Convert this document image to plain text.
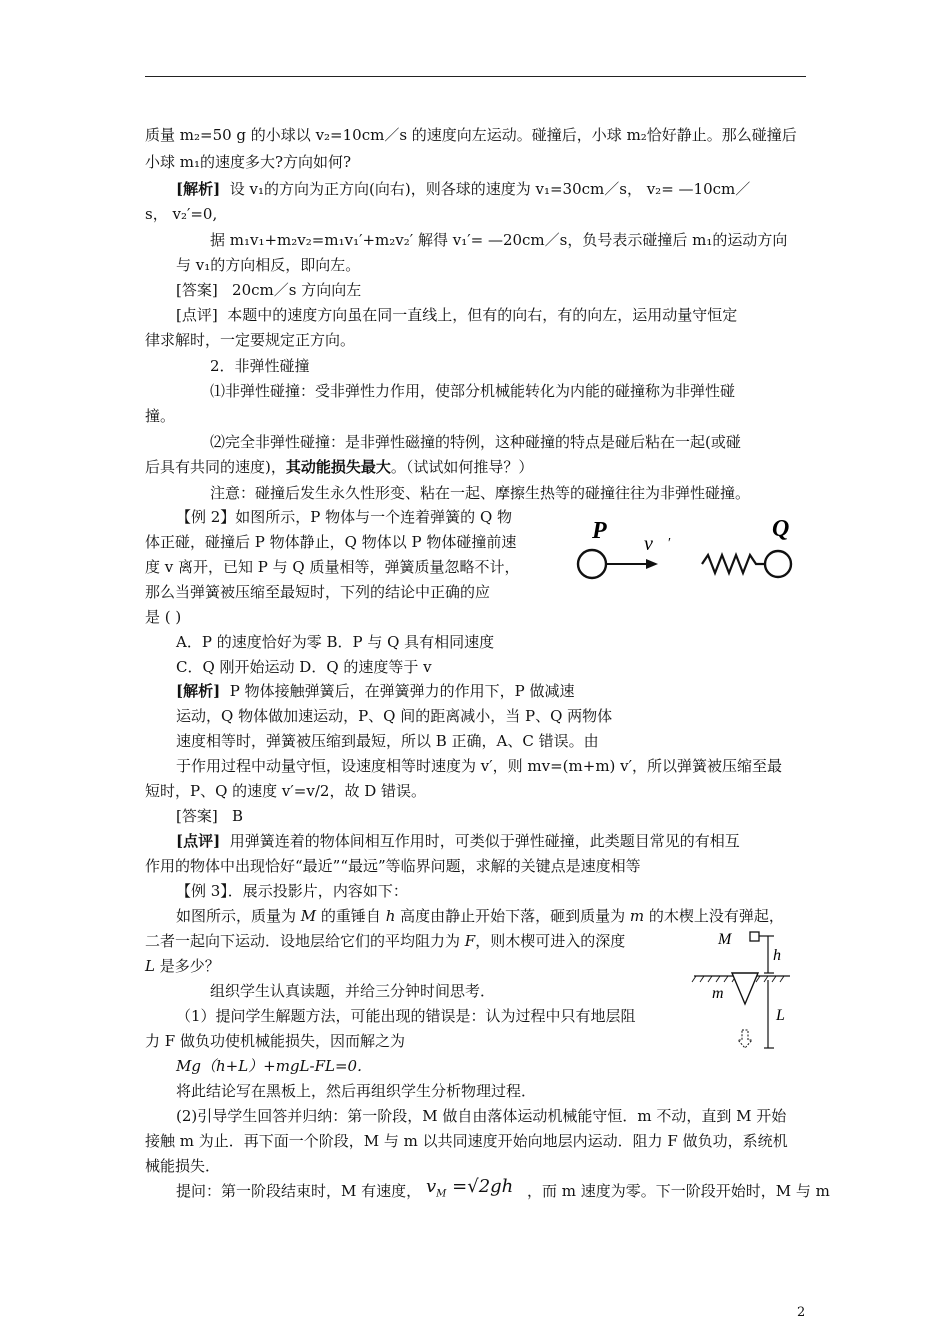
质量 m₂=50 g 的小球以 v₂=10cm／s 的速度向左运动。碰撞后，小球 m₂恰好静止。那么碰撞后
小球 m₁的速度多大?方向如何?
[解析] 设 v₁的方向为正方向(向右)，则各球的速度为 v₁=30cm／s， v₂= —10cm／
s， v₂′=0,
据 m₁v₁+m₂v₂=m₁v₁′+m₂v₂′ 解得 v₁′= —20cm／s，负号表示碰撞后 m₁的运动方向
与 v₁的方向相反，即向左。
[答案] 20cm／s 方向向左
[点评] 本题中的速度方向虽在同一直线上，但有的向右，有的向左，运用动量守恒定
律求解时，一定要规定正方向。
2．非弹性碰撞
⑴非弹性碰撞：受非弹性力作用，使部分机械能转化为内能的碰撞称为非弹性碰
撞。
⑵完全非弹性碰撞：是非弹性磁撞的特例，这种碰撞的特点是碰后粘在一起(或碰
后具有共同的速度)，其动能损失最大。（试试如何推导？）
注意：碰撞后发生永久性形变、粘在一起、摩擦生热等的碰撞往往为非弹性碰撞。
【例 2】如图所示，P 物体与一个连着弹簧的 Q 物
体正碰，碰撞后 P 物体静止，Q 物体以 P 物体碰撞前速
度 v 离开，已知 P 与 Q 质量相等，弹簧质量忽略不计，
那么当弹簧被压缩至最短时，下列的结论中正确的应
是 ( )
P v ′
Q
A．P 的速度恰好为零 B．P 与 Q 具有相同速度
C．Q 刚开始运动 D．Q 的速度等于 v
[解析] P 物体接触弹簧后，在弹簧弹力的作用下，P 做减速
运动，Q 物体做加速运动，P、Q 间的距离减小，当 P、Q 两物体
速度相等时，弹簧被压缩到最短，所以 B 正确，A、C 错误。由
于作用过程中动量守恒，设速度相等时速度为 v′，则 mv=(m+m) v′，所以弹簧被压缩至最
短时，P、Q 的速度 v′=v/2，故 D 错误。
[答案] B
[点评] 用弹簧连着的物体间相互作用时，可类似于弹性碰撞，此类题目常见的有相互
作用的物体中出现恰好“最近”“最远”等临界问题，求解的关键点是速度相等
【例 3】．展示投影片，内容如下：
如图所示，质量为 M 的重锤自 h 高度由静止开始下落，砸到质量为 m 的木楔上没有弹起，
二者一起向下运动．设地层给它们的平均阻力为 F，则木楔可进入的深度
L 是多少？
组织学生认真读题，并给三分钟时间思考．
（1）提问学生解题方法，可能出现的错误是：认为过程中只有地层阻
力 F 做负功使机械能损失，因而解之为
Mg（h+L）+mgL-FL=0．
M
h
m
L
将此结论写在黑板上，然后再组织学生分析物理过程．
(2)引导学生回答并归纳：第一阶段，M 做自由落体运动机械能守恒．m 不动，直到 M 开始
接触 m 为止．再下面一个阶段，M 与 m 以共同速度开始向地层内运动．阻力 F 做负功，系统机
械能损失．
提问：第一阶段结束时，M 有速度， $v_M =√2gh$ ，而 m 速度为零。下一阶段开始时，M 与 m
2
